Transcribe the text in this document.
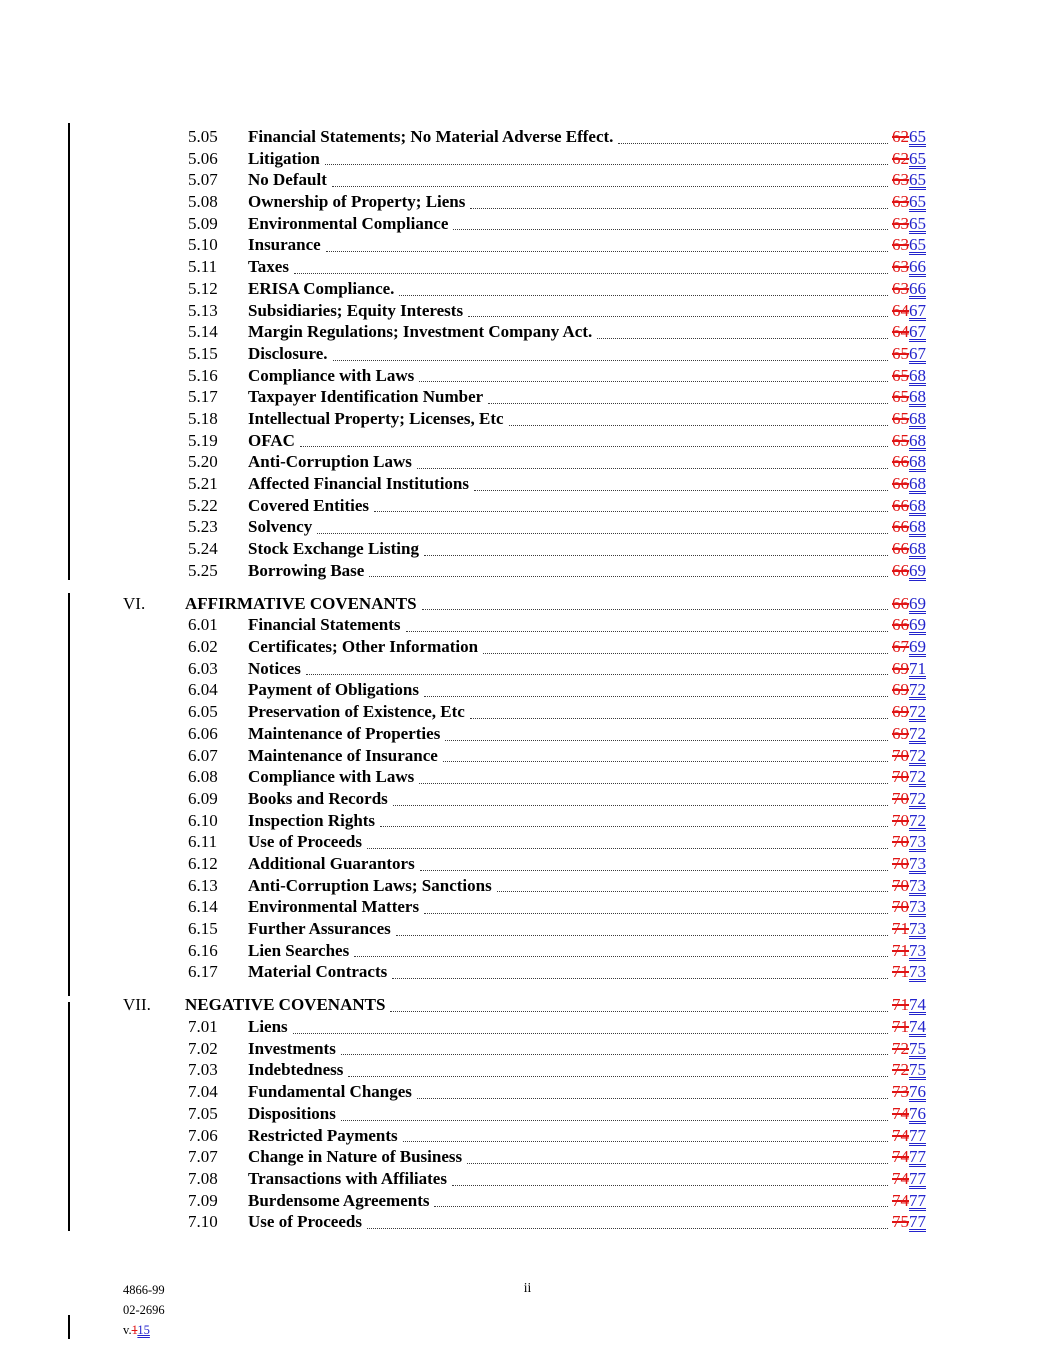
5.05	Financial Statements; No Material Adverse Effect.	6265
5.06	Litigation	6265
5.07	No Default	6365
5.08	Ownership of Property; Liens	6365
5.09	Environmental Compliance	6365
5.10	Insurance	6365
5.11	Taxes	6366
5.12	ERISA Compliance.	6366
5.13	Subsidiaries; Equity Interests	6467
5.14	Margin Regulations; Investment Company Act.	6467
5.15	Disclosure.	6567
5.16	Compliance with Laws	6568
5.17	Taxpayer Identification Number	6568
5.18	Intellectual Property; Licenses, Etc	6568
5.19	OFAC	6568
5.20	Anti-Corruption Laws	6668
5.21	Affected Financial Institutions	6668
5.22	Covered Entities	6668
5.23	Solvency	6668
5.24	Stock Exchange Listing	6668
5.25	Borrowing Base	6669
VI.	AFFIRMATIVE COVENANTS	6669
6.01	Financial Statements	6669
6.02	Certificates; Other Information	6769
6.03	Notices	6971
6.04	Payment of Obligations	6972
6.05	Preservation of Existence, Etc	6972
6.06	Maintenance of Properties	6972
6.07	Maintenance of Insurance	7072
6.08	Compliance with Laws	7072
6.09	Books and Records	7072
6.10	Inspection Rights	7072
6.11	Use of Proceeds	7073
6.12	Additional Guarantors	7073
6.13	Anti-Corruption Laws; Sanctions	7073
6.14	Environmental Matters	7073
6.15	Further Assurances	7173
6.16	Lien Searches	7173
6.17	Material Contracts	7173
VII.	NEGATIVE COVENANTS	7174
7.01	Liens	7174
7.02	Investments	7275
7.03	Indebtedness	7275
7.04	Fundamental Changes	7376
7.05	Dispositions	7476
7.06	Restricted Payments	7477
7.07	Change in Nature of Business	7477
7.08	Transactions with Affiliates	7477
7.09	Burdensome Agreements	7477
7.10	Use of Proceeds	7577
4866-99
02-2696
v.115
ii
